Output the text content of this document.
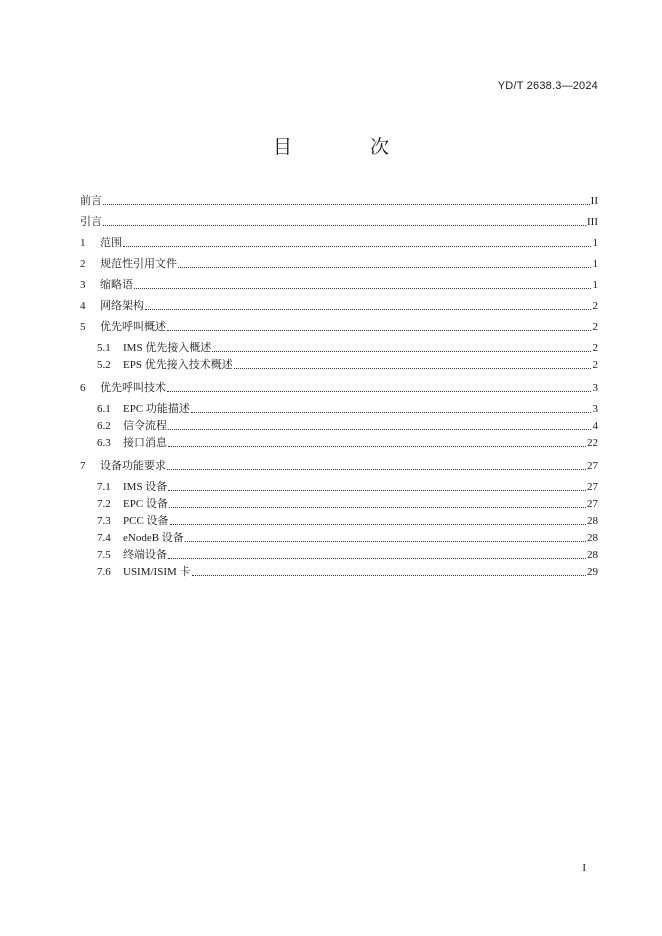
YD/T 2638.3—2024
目 次
前言	II
引言	III
1	范围	1
2	规范性引用文件	1
3	缩略语	1
4	网络架构	2
5	优先呼叫概述	2
5.1	IMS 优先接入概述	2
5.2	EPS 优先接入技术概述	2
6	优先呼叫技术	3
6.1	EPC 功能描述	3
6.2	信令流程	4
6.3	接口消息	22
7	设备功能要求	27
7.1	IMS 设备	27
7.2	EPC 设备	27
7.3	PCC 设备	28
7.4	eNodeB 设备	28
7.5	终端设备	28
7.6	USIM/ISIM 卡	29
I
